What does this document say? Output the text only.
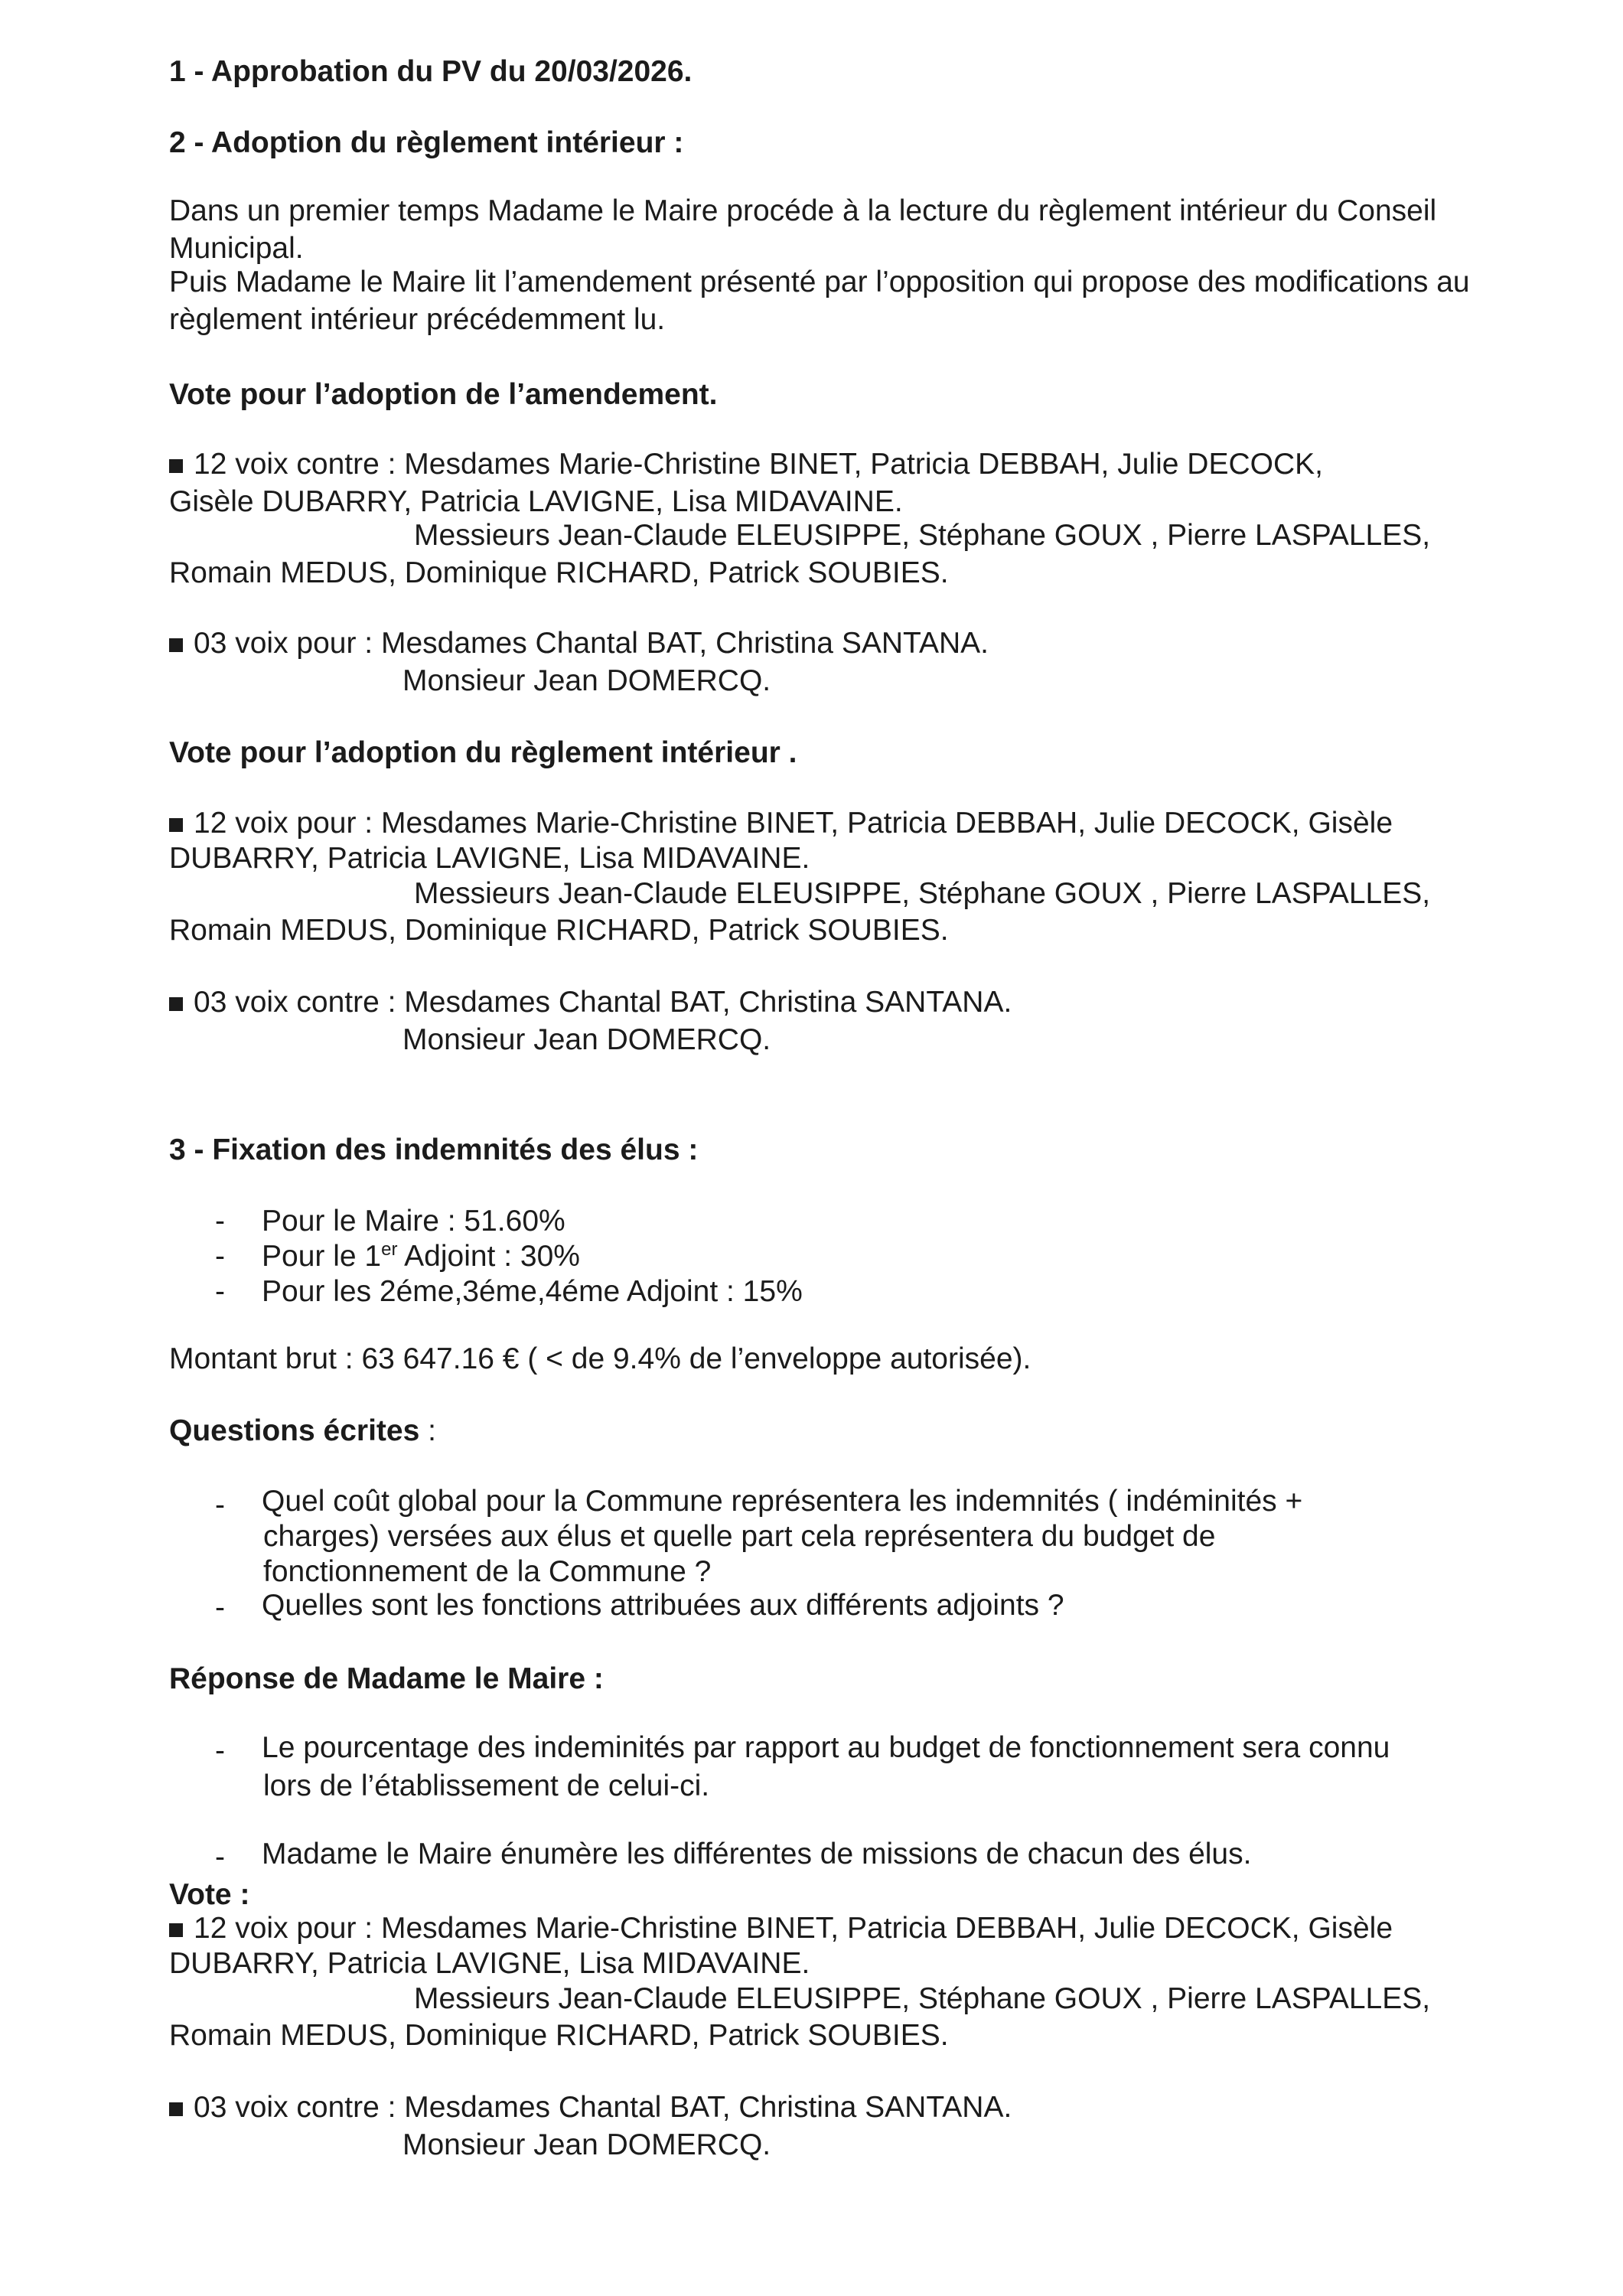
1 - Approbation du PV du 20/03/2026.
2 - Adoption du règlement intérieur :
Dans un premier temps Madame le Maire procéde à la lecture du règlement intérieur du Conseil
Municipal.
Puis Madame le Maire lit l’amendement présenté par l’opposition qui propose des modifications au
règlement intérieur précédemment lu.
Vote pour l’adoption de l’amendement.
12 voix contre : Mesdames Marie-Christine BINET, Patricia DEBBAH, Julie DECOCK,
Gisèle DUBARRY, Patricia LAVIGNE, Lisa MIDAVAINE.
Messieurs Jean-Claude ELEUSIPPE, Stéphane GOUX , Pierre LASPALLES,
Romain MEDUS, Dominique RICHARD, Patrick SOUBIES.
03 voix pour : Mesdames Chantal BAT, Christina SANTANA.
Monsieur Jean DOMERCQ.
Vote pour l’adoption du règlement intérieur .
12 voix pour : Mesdames Marie-Christine BINET, Patricia DEBBAH, Julie DECOCK, Gisèle
DUBARRY, Patricia LAVIGNE, Lisa MIDAVAINE.
Messieurs Jean-Claude ELEUSIPPE, Stéphane GOUX , Pierre LASPALLES,
Romain MEDUS, Dominique RICHARD, Patrick SOUBIES.
03 voix contre : Mesdames Chantal BAT, Christina SANTANA.
Monsieur Jean DOMERCQ.
3 - Fixation des indemnités des élus :
- Pour le Maire : 51.60%
- Pour le 1er Adjoint : 30%
- Pour les 2éme,3éme,4éme Adjoint : 15%
Montant brut : 63 647.16 € ( < de 9.4% de l’enveloppe autorisée).
Questions écrites :
- Quel coût global pour la Commune représentera les indemnités ( indéminités +
charges) versées aux élus et quelle part cela représentera du budget de
fonctionnement de la Commune ?
- Quelles sont les fonctions attribuées aux différents adjoints ?
Réponse de Madame le Maire :
- Le pourcentage des indeminités par rapport au budget de fonctionnement sera connu
lors de l’établissement de celui-ci.
- Madame le Maire énumère les différentes de missions de chacun des élus.
Vote :
12 voix pour : Mesdames Marie-Christine BINET, Patricia DEBBAH, Julie DECOCK, Gisèle
DUBARRY, Patricia LAVIGNE, Lisa MIDAVAINE.
Messieurs Jean-Claude ELEUSIPPE, Stéphane GOUX , Pierre LASPALLES,
Romain MEDUS, Dominique RICHARD, Patrick SOUBIES.
03 voix contre : Mesdames Chantal BAT, Christina SANTANA.
Monsieur Jean DOMERCQ.
